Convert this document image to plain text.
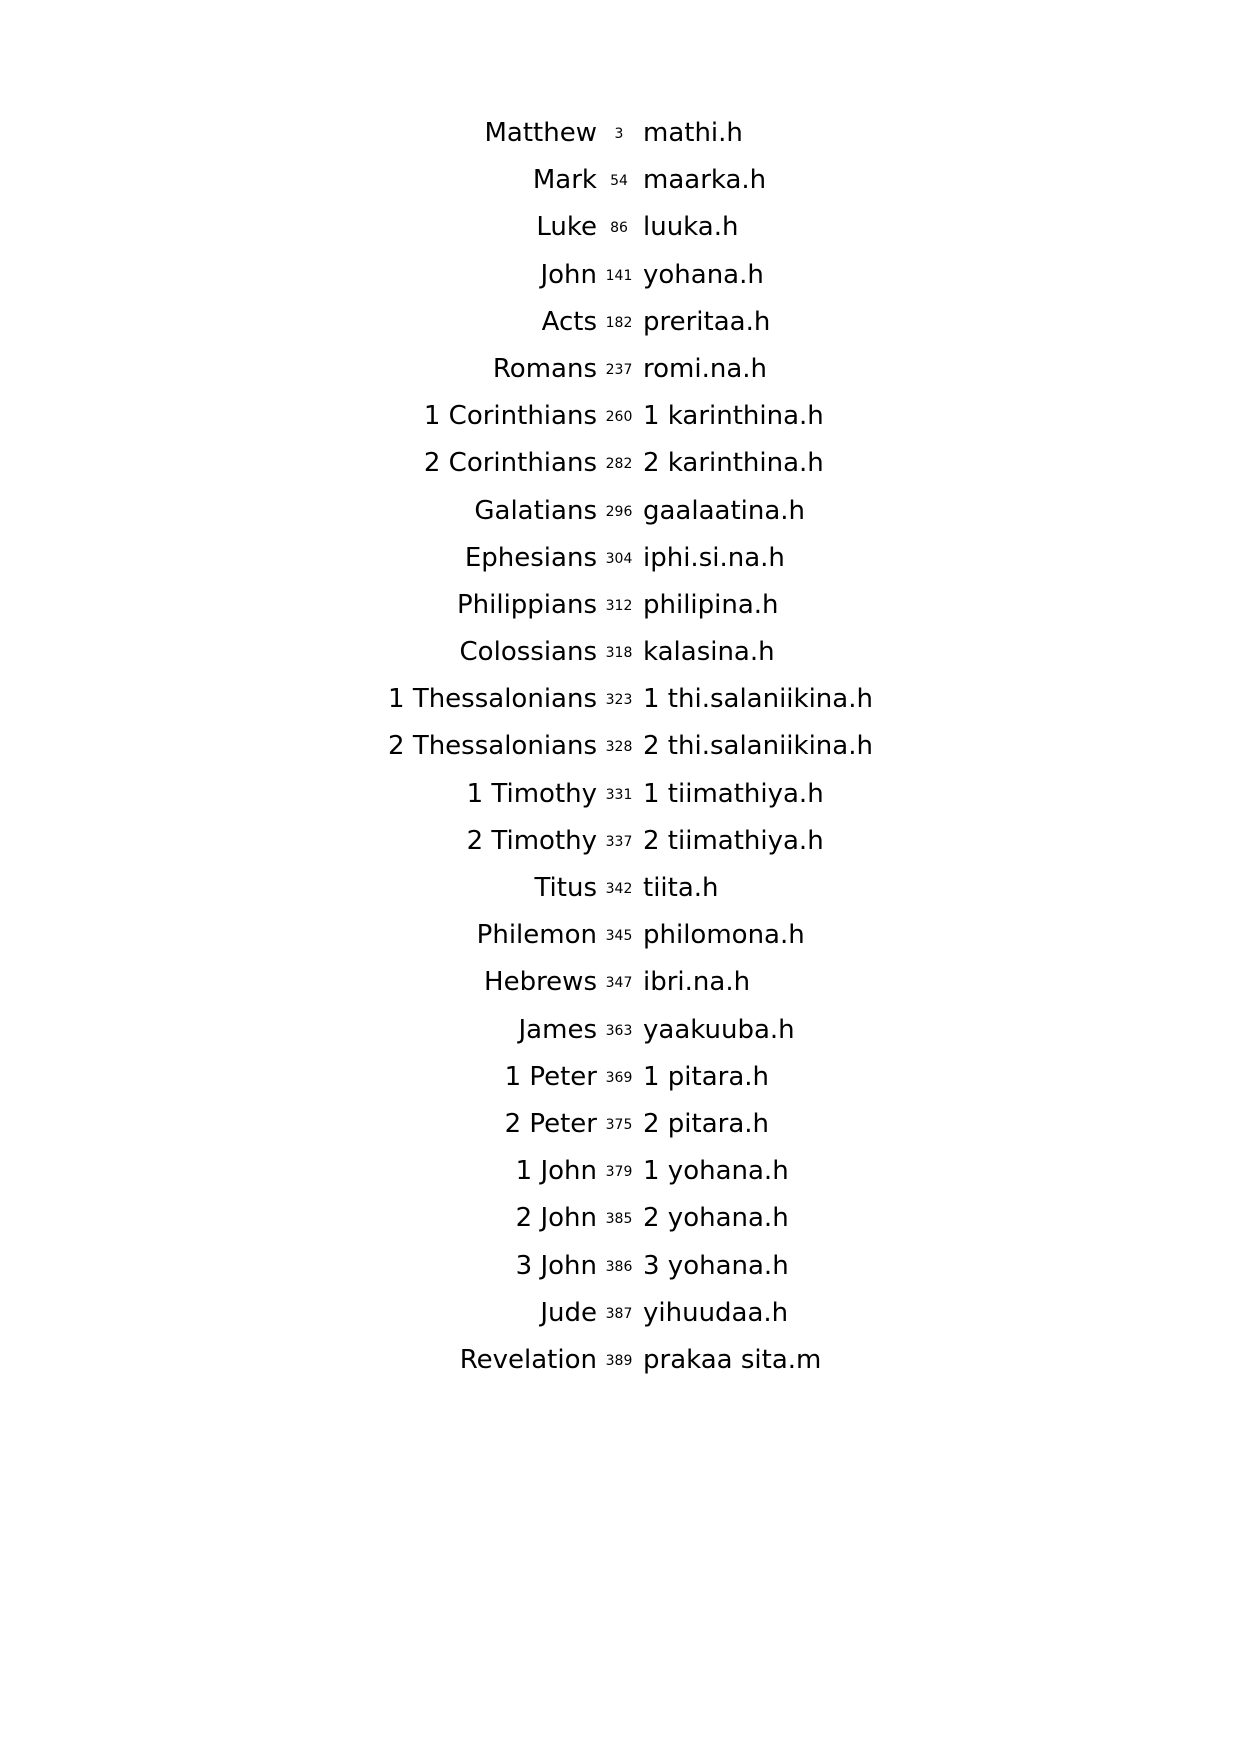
Matthew	3 mathi.h
Mark 54 maarka.h
Luke 86 luuka.h
John 141 yohana.h
Acts 182 preritaa.h
Romans 237 romi.na.h
1 Corinthians 260 1 karinthina.h
2 Corinthians 282 2 karinthina.h
Galatians 296 gaalaatina.h
Ephesians 304 iphi.si.na.h
Philippians 312 philipina.h
Colossians 318 kalasina.h
1 Thessalonians 323 1 thi.salaniikina.h
2 Thessalonians 328 2 thi.salaniikina.h
1 Timothy 331 1 tiimathiya.h
2 Timothy 337 2 tiimathiya.h
Titus 342 tiita.h
Philemon 345 philomona.h
Hebrews 347 ibri.na.h
James 363 yaakuuba.h
1 Peter 369 1 pitara.h
2 Peter 375 2 pitara.h
1 John 379 1 yohana.h
2 John 385 2 yohana.h
3 John 386 3 yohana.h
Jude 387 yihuudaa.h
Revelation 389 prakaa sita.m
